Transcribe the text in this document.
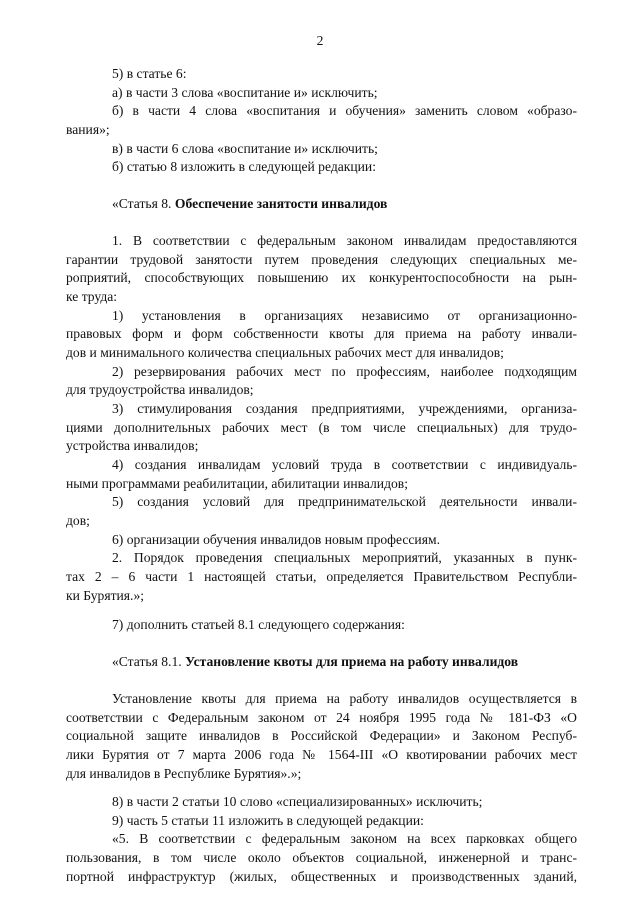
2
5) в статье 6:
а) в части 3 слова «воспитание и» исключить;
б) в части 4 слова «воспитания и обучения» заменить словом «образо-
вания»;
в) в части 6 слова «воспитание и» исключить;
б) статью 8 изложить в следующей редакции:
«Статья 8. Обеспечение занятости инвалидов
1. В соответствии с федеральным законом инвалидам предоставляются
гарантии трудовой занятости путем проведения следующих специальных ме-
роприятий, способствующих повышению их конкурентоспособности на рын-
ке труда:
1) установления в организациях независимо от организационно-
правовых форм и форм собственности квоты для приема на работу инвали-
дов и минимального количества специальных рабочих мест для инвалидов;
2) резервирования рабочих мест по профессиям, наиболее подходящим
для трудоустройства инвалидов;
3) стимулирования создания предприятиями, учреждениями, организа-
циями дополнительных рабочих мест (в том числе специальных) для трудо-
устройства инвалидов;
4) создания инвалидам условий труда в соответствии с индивидуаль-
ными программами реабилитации, абилитации инвалидов;
5) создания условий для предпринимательской деятельности инвали-
дов;
6) организации обучения инвалидов новым профессиям.
2. Порядок проведения специальных мероприятий, указанных в пунк-
тах 2 – 6 части 1 настоящей статьи, определяется Правительством Республи-
ки Бурятия.»;
7) дополнить статьей 8.1 следующего содержания:
«Статья 8.1. Установление квоты для приема на работу инвалидов
Установление квоты для приема на работу инвалидов осуществляется в
соответствии с Федеральным законом от 24 ноября 1995 года № 181-ФЗ «О
социальной защите инвалидов в Российской Федерации» и Законом Респуб-
лики Бурятия от 7 марта 2006 года № 1564-III «О квотировании рабочих мест
для инвалидов в Республике Бурятия».»;
8) в части 2 статьи 10 слово «специализированных» исключить;
9) часть 5 статьи 11 изложить в следующей редакции:
«5. В соответствии с федеральным законом на всех парковках общего
пользования, в том числе около объектов социальной, инженерной и транс-
портной инфраструктур (жилых, общественных и производственных зданий,
